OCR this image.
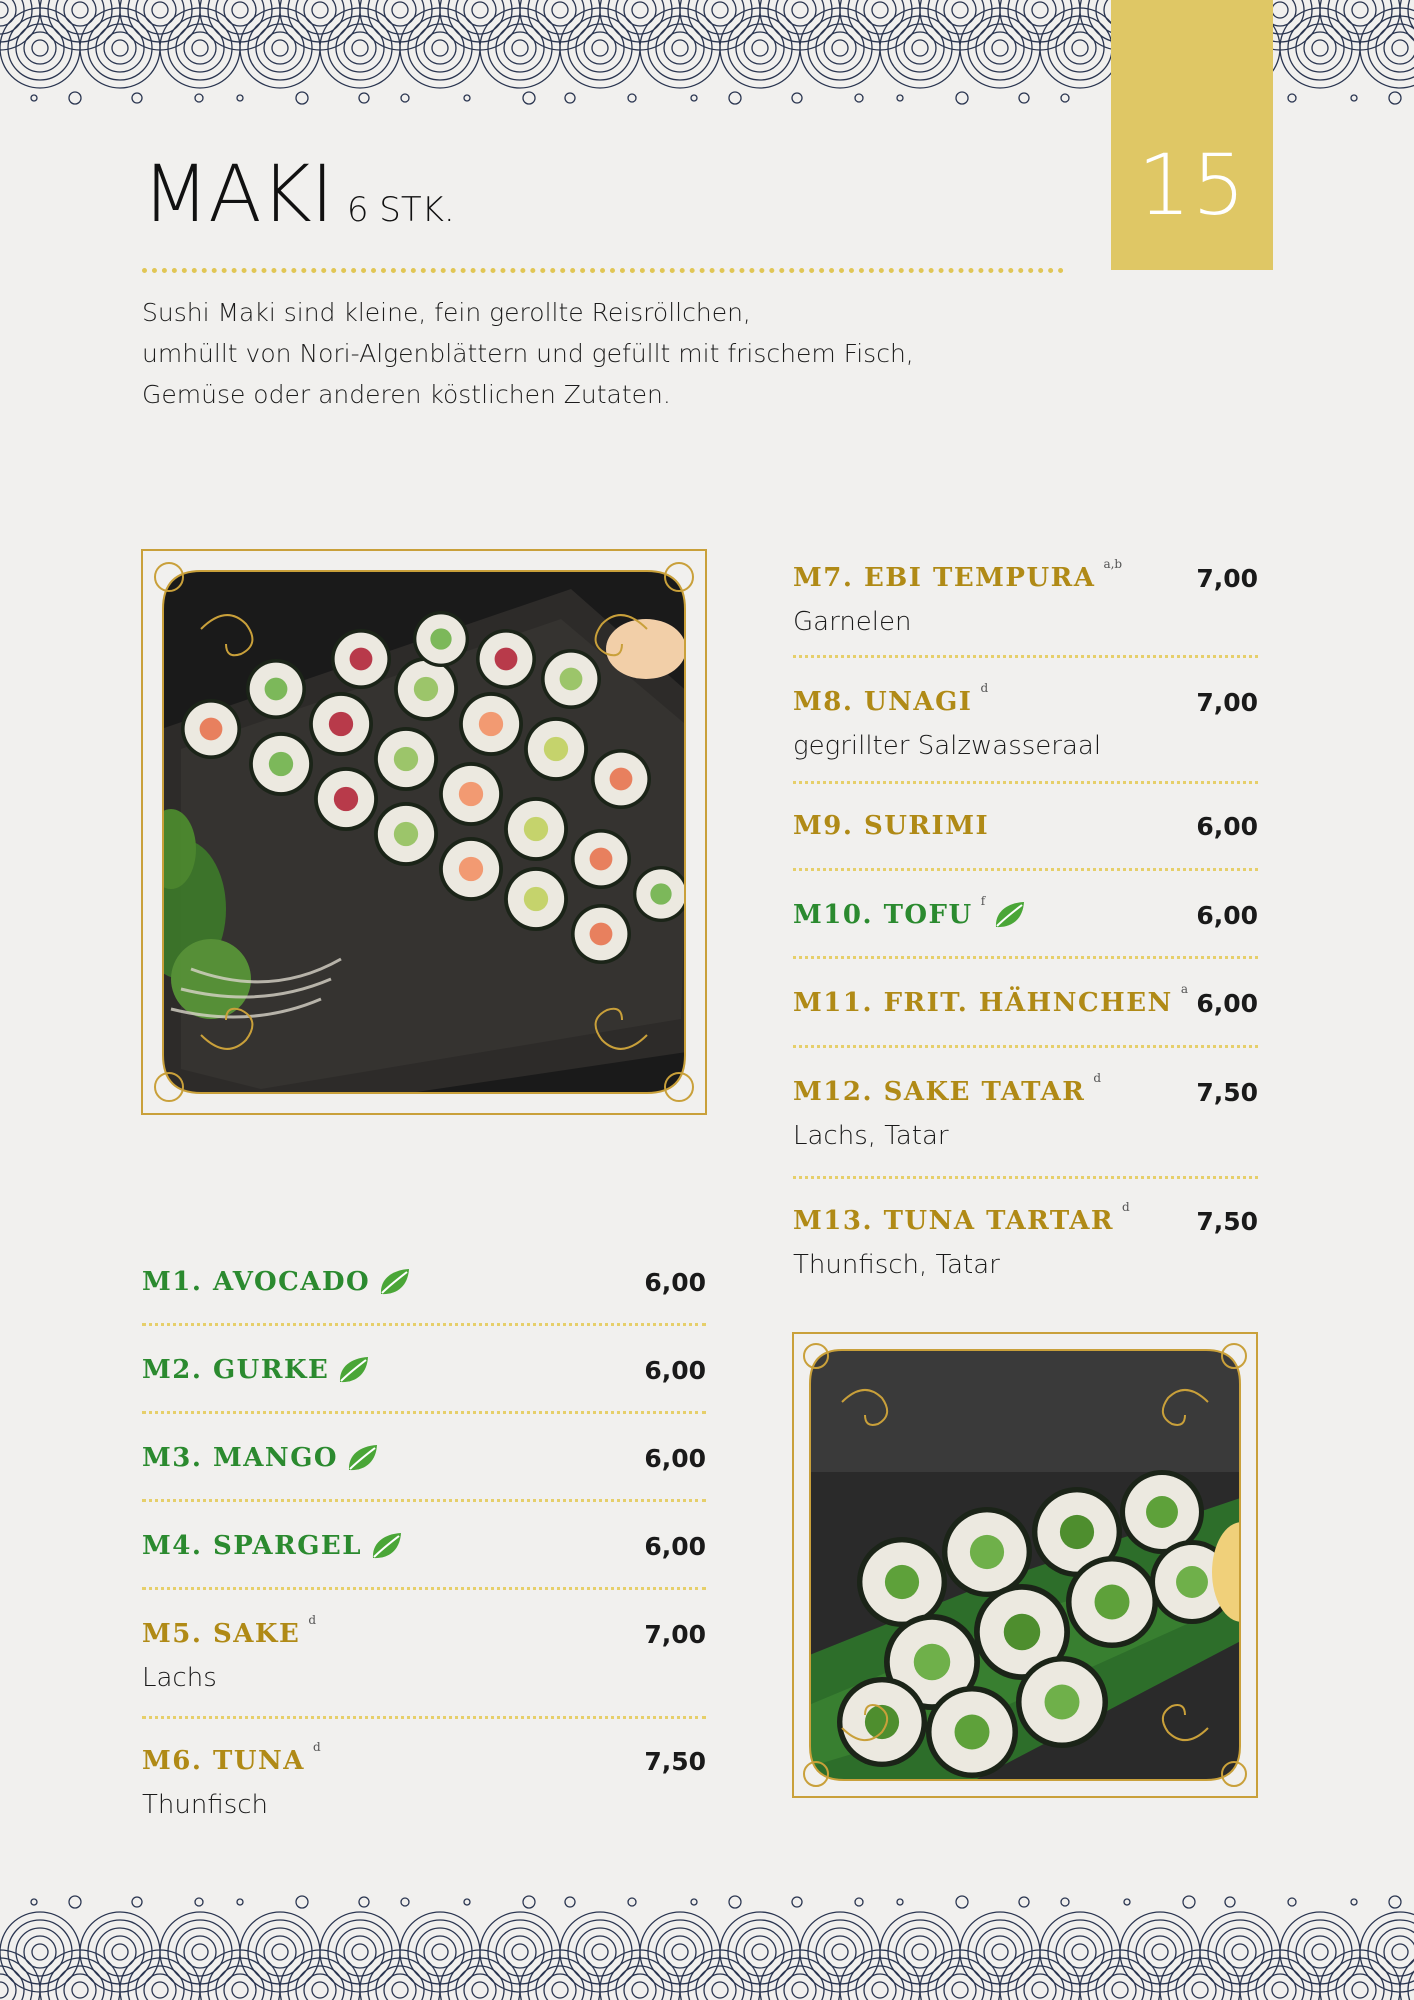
15
MAKI 6 STK.
Sushi Maki sind kleine, fein gerollte Reisröllchen,
umhüllt von Nori-Algenblättern und gefüllt mit frischem Fisch,
Gemüse oder anderen köstlichen Zutaten.
M1. AVOCADO	6,00
M2. GURKE	6,00
M3. MANGO	6,00
M4. SPARGEL	6,00
M5. SAKE d	7,00
Lachs
M6. TUNA d	7,50
Thunfisch
M7. EBI TEMPURA a,b	7,00
Garnelen
M8. UNAGI d	7,00
gegrillter Salzwasseraal
M9. SURIMI	6,00
M10. TOFU f	6,00
M11. FRIT. HÄHNCHEN a 6,00
M12. SAKE TATAR d	7,50
Lachs, Tatar
M13. TUNA TARTAR d	7,50
Thunfisch, Tatar
